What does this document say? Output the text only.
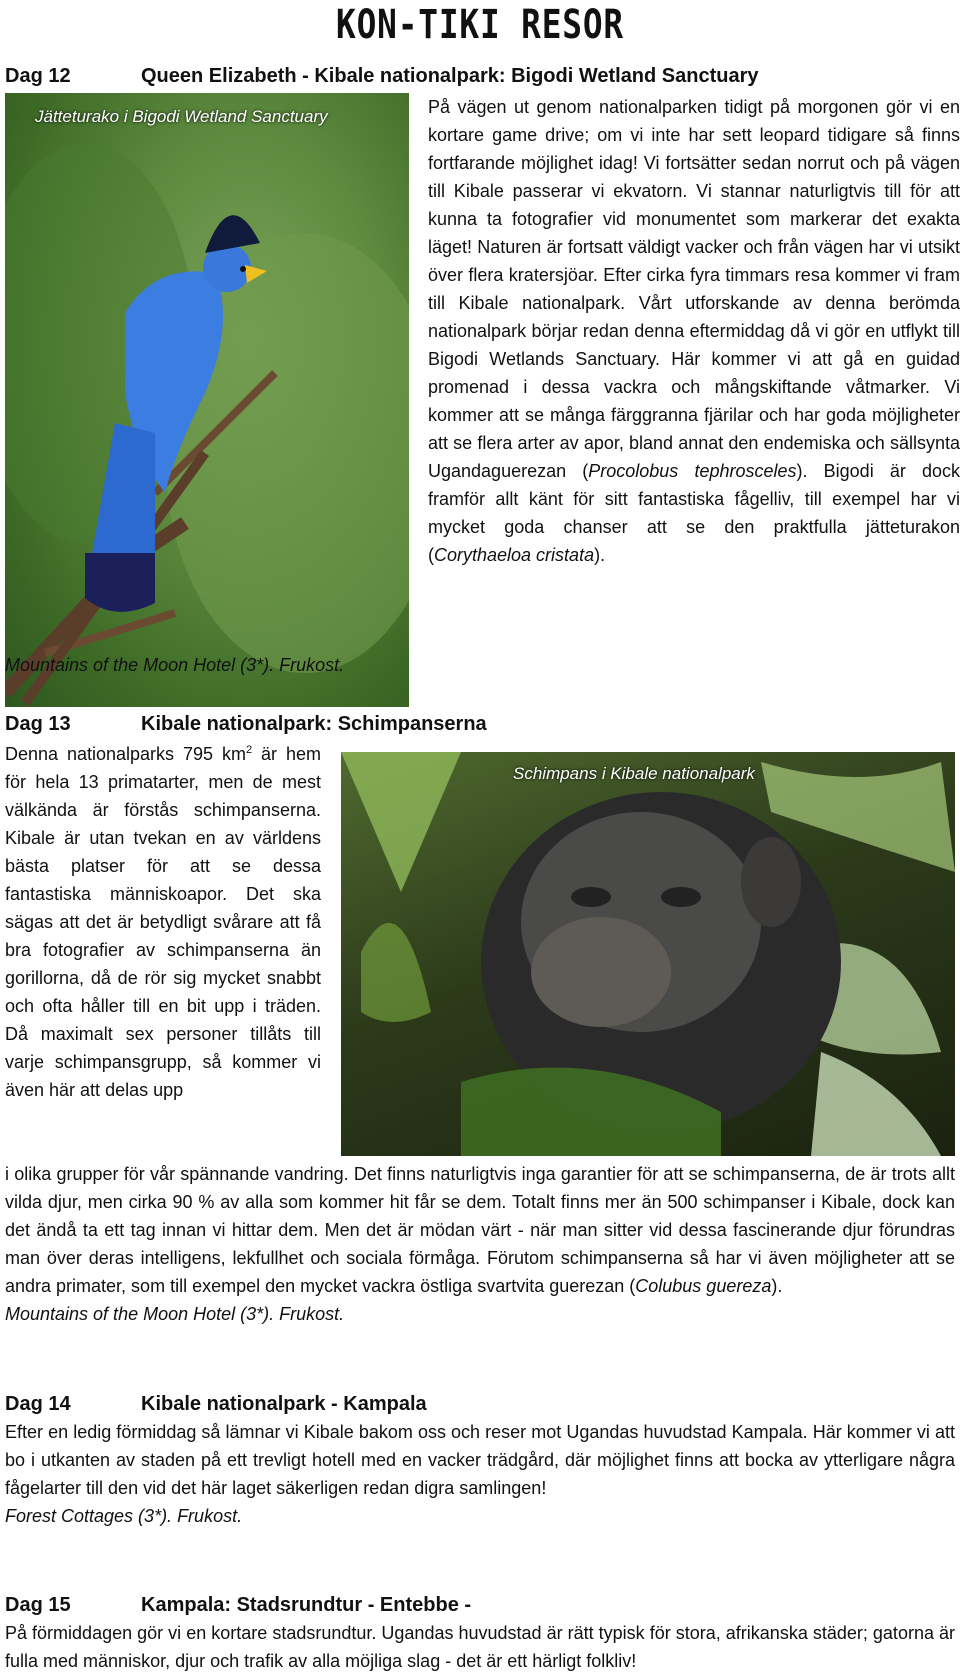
KON-TIKI RESOR
Dag 12	Queen Elizabeth - Kibale nationalpark: Bigodi Wetland Sanctuary
Jätteturako i Bigodi Wetland Sanctuary	På vägen ut genom nationalparken tidigt på morgonen gör vi en kortare game drive; om vi inte har sett leopard tidigare så finns fortfarande möjlighet idag! Vi fortsätter sedan norrut och på vägen till Kibale passerar vi ekvatorn. Vi stannar naturligtvis till för att kunna ta fotografier vid monumentet som markerar det exakta läget! Naturen är fortsatt väldigt vacker och från vägen har vi utsikt över flera kratersjöar. Efter cirka fyra timmars resa kommer vi fram till Kibale nationalpark. Vårt utforskande av denna berömda nationalpark börjar redan denna eftermiddag då vi gör en utflykt till Bigodi Wetlands Sanctuary. Här kommer vi att gå en guidad promenad i dessa vackra och mångskiftande våtmarker. Vi kommer att se många färggranna fjärilar och har goda möjligheter att se flera arter av apor, bland annat den endemiska och sällsynta Ugandaguerezan (Procolobus tephrosceles). Bigodi är dock framför allt känt för sitt fantastiska fågelliv, till exempel har vi mycket goda chanser att se den praktfulla jätteturakon (Corythaeloa cristata).
Mountains of the Moon Hotel (3*). Frukost.
Dag 13	Kibale nationalpark: Schimpanserna
Denna nationalparks 795 $km^2$ är hem för hela 13 primatarter, men de mest välkända är förstås schimpanserna. Kibale är utan tvekan en av världens bästa platser för att se dessa fantastiska människoapor. Det ska sägas att det är betydligt svårare att få bra fotografier av schimpanserna än gorillorna, då de rör sig mycket snabbt och ofta håller till en bit upp i träden. Då maximalt sex personer tillåts till varje schimpansgrupp, så kommer vi även här att delas upp
Schimpans i Kibale nationalpark
i olika grupper för vår spännande vandring. Det finns naturligtvis inga garantier för att se schimpanserna, de är trots allt vilda djur, men cirka 90 % av alla som kommer hit får se dem. Totalt finns mer än 500 schimpanser i Kibale, dock kan det ändå ta ett tag innan vi hittar dem. Men det är mödan värt - när man sitter vid dessa fascinerande djur förundras man över deras intelligens, lekfullhet och sociala förmåga. Förutom schimpanserna så har vi även möjligheter att se andra primater, som till exempel den mycket vackra östliga svartvita guerezan (Colubus guereza).
Mountains of the Moon Hotel (3*). Frukost.
Dag 14	Kibale nationalpark - Kampala
Efter en ledig förmiddag så lämnar vi Kibale bakom oss och reser mot Ugandas huvudstad Kampala. Här kommer vi att bo i utkanten av staden på ett trevligt hotell med en vacker trädgård, där möjlighet finns att bocka av ytterligare några fågelarter till den vid det här laget säkerligen redan digra samlingen!
Forest Cottages (3*). Frukost.
Dag 15	Kampala: Stadsrundtur - Entebbe -
På förmiddagen gör vi en kortare stadsrundtur. Ugandas huvudstad är rätt typisk för stora, afrikanska städer; gatorna är fulla med människor, djur och trafik av alla möjliga slag - det är ett härligt folkliv!
